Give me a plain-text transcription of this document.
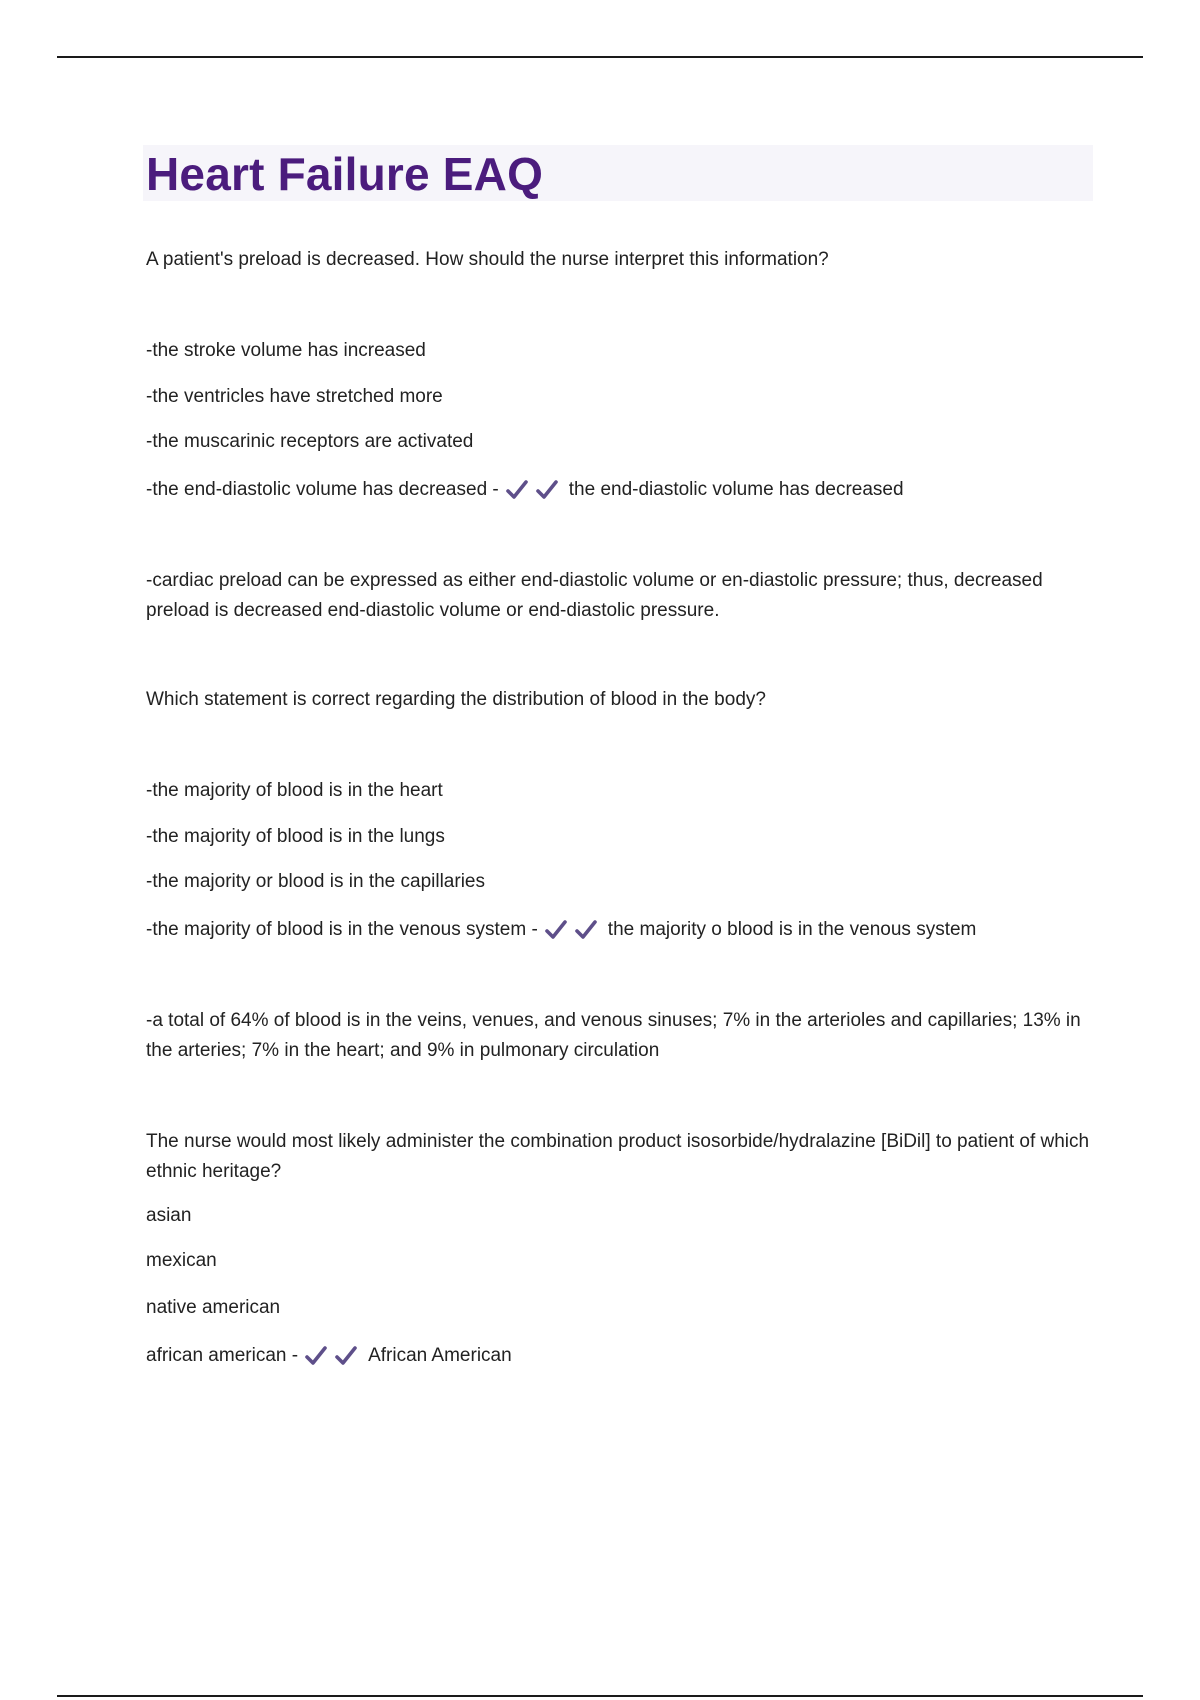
Heart Failure EAQ

A patient's preload is decreased. How should the nurse interpret this information?

-the stroke volume has increased

-the ventricles have stretched more

-the muscarinic receptors are activated

-the end-diastolic volume has decreased -	the end-diastolic volume has decreased

-cardiac preload can be expressed as either end-diastolic volume or en-diastolic pressure; thus, decreased preload is decreased end-diastolic volume or end-diastolic pressure.

Which statement is correct regarding the distribution of blood in the body?

-the majority of blood is in the heart

-the majority of blood is in the lungs

-the majority or blood is in the capillaries

-the majority of blood is in the venous system -	the majority o blood is in the venous system

-a total of 64% of blood is in the veins, venues, and venous sinuses; 7% in the arterioles and capillaries; 13% in the arteries; 7% in the heart; and 9% in pulmonary circulation

The nurse would most likely administer the combination product isosorbide/hydralazine [BiDil] to patient of which ethnic heritage?

asian

mexican

native american

african american -	African American
